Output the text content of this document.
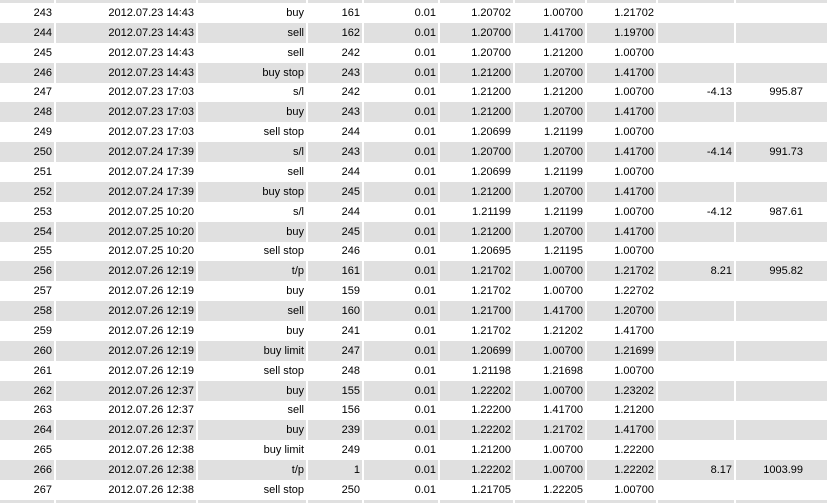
243	2012.07.23 14:43	buy	161	0.01	1.20702	1.00700	1.21702
244	2012.07.23 14:43	sell	162	0.01	1.20700	1.41700	1.19700
245	2012.07.23 14:43	sell	242	0.01	1.20700	1.21200	1.00700
246	2012.07.23 14:43	buy stop	243	0.01	1.21200	1.20700	1.41700
247	2012.07.23 17:03	s/l	242	0.01	1.21200	1.21200	1.00700	-4.13	995.87
248	2012.07.23 17:03	buy	243	0.01	1.21200	1.20700	1.41700
249	2012.07.23 17:03	sell stop	244	0.01	1.20699	1.21199	1.00700
250	2012.07.24 17:39	s/l	243	0.01	1.20700	1.20700	1.41700	-4.14	991.73
251	2012.07.24 17:39	sell	244	0.01	1.20699	1.21199	1.00700
252	2012.07.24 17:39	buy stop	245	0.01	1.21200	1.20700	1.41700
253	2012.07.25 10:20	s/l	244	0.01	1.21199	1.21199	1.00700	-4.12	987.61
254	2012.07.25 10:20	buy	245	0.01	1.21200	1.20700	1.41700
255	2012.07.25 10:20	sell stop	246	0.01	1.20695	1.21195	1.00700
256	2012.07.26 12:19	t/p	161	0.01	1.21702	1.00700	1.21702	8.21	995.82
257	2012.07.26 12:19	buy	159	0.01	1.21702	1.00700	1.22702
258	2012.07.26 12:19	sell	160	0.01	1.21700	1.41700	1.20700
259	2012.07.26 12:19	buy	241	0.01	1.21702	1.21202	1.41700
260	2012.07.26 12:19	buy limit	247	0.01	1.20699	1.00700	1.21699
261	2012.07.26 12:19	sell stop	248	0.01	1.21198	1.21698	1.00700
262	2012.07.26 12:37	buy	155	0.01	1.22202	1.00700	1.23202
263	2012.07.26 12:37	sell	156	0.01	1.22200	1.41700	1.21200
264	2012.07.26 12:37	buy	239	0.01	1.22202	1.21702	1.41700
265	2012.07.26 12:38	buy limit	249	0.01	1.21200	1.00700	1.22200
266	2012.07.26 12:38	t/p	1	0.01	1.22202	1.00700	1.22202	8.17	1003.99
267	2012.07.26 12:38	sell stop	250	0.01	1.21705	1.22205	1.00700
